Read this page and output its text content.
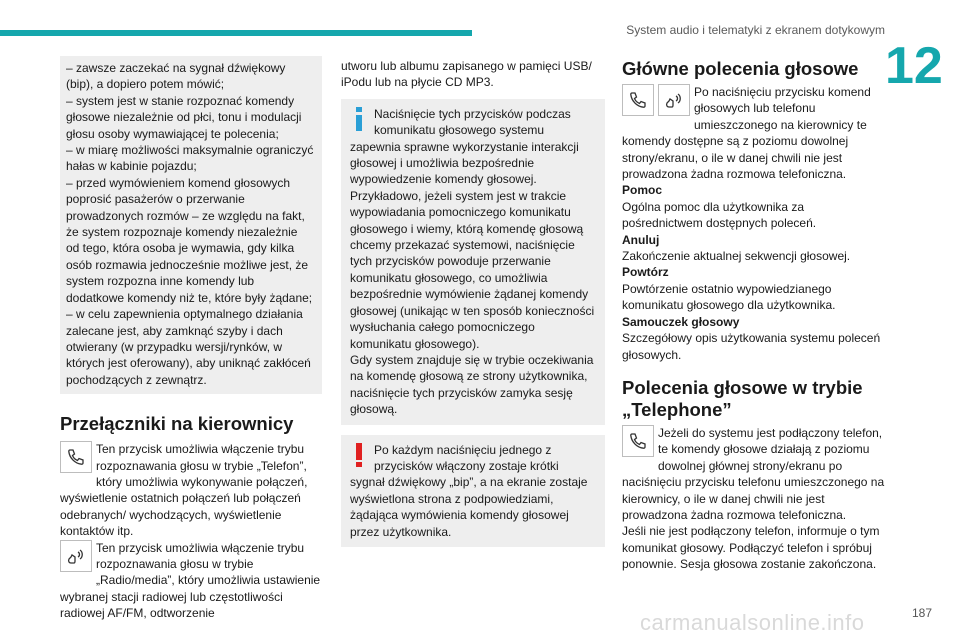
System audio i telematyki z ekranem dotykowym
12

– zawsze zaczekać na sygnał dźwiękowy (bip), a dopiero potem mówić;

– system jest w stanie rozpoznać komendy głosowe niezależnie od płci, tonu i modulacji głosu osoby wymawiającej te polecenia;

– w miarę możliwości maksymalnie ograniczyć hałas w kabinie pojazdu;

– przed wymówieniem komend głosowych poprosić pasażerów o przerwanie prowadzonych rozmów – ze względu na fakt, że system rozpoznaje komendy niezależnie od tego, która osoba je wymawia, gdy kilka osób rozmawia jednocześnie możliwe jest, że system rozpozna inne komendy lub dodatkowe komendy niż te, które były żądane;

– w celu zapewnienia optymalnego działania zalecane jest, aby zamknąć szyby i dach otwierany (w przypadku wersji/rynków, w których jest oferowany), aby uniknąć zakłóceń pochodzących z zewnątrz.

Przełączniki na kierownicy

Ten przycisk umożliwia włączenie trybu rozpoznawania głosu w trybie „Telefon”, który umożliwia wykonywanie połączeń, wyświetlenie ostatnich połączeń lub połączeń odebranych/ wychodzących, wyświetlenie kontaktów itp.

Ten przycisk umożliwia włączenie trybu rozpoznawania głosu w trybie „Radio/media”, który umożliwia ustawienie wybranej stacji radiowej lub częstotliwości radiowej AF/FM, odtworzenie

utworu lub albumu zapisanego w pamięci USB/ iPodu lub na płycie CD MP3.

Naciśnięcie tych przycisków podczas komunikatu głosowego systemu zapewnia sprawne wykorzystanie interakcji głosowej i umożliwia bezpośrednie wypowiedzenie komendy głosowej.

Przykładowo, jeżeli system jest w trakcie wypowiadania pomocniczego komunikatu głosowego i wiemy, którą komendę głosową chcemy przekazać systemowi, naciśnięcie tych przycisków powoduje przerwanie komunikatu głosowego, co umożliwia bezpośrednie wymówienie żądanej komendy głosowej (unikając w ten sposób konieczności wysłuchania całego pomocniczego komunikatu głosowego).

Gdy system znajduje się w trybie oczekiwania na komendę głosową ze strony użytkownika, naciśnięcie tych przycisków zamyka sesję głosową.

Po każdym naciśnięciu jednego z przycisków włączony zostaje krótki sygnał dźwiękowy „bip”, a na ekranie zostaje wyświetlona strona z podpowiedziami, żądająca wymówienia komendy głosowej przez użytkownika.

Główne polecenia głosowe

Po naciśnięciu przycisku komend głosowych lub telefonu umieszczonego na kierownicy te komendy dostępne są z poziomu dowolnej strony/ekranu, o ile w danej chwili nie jest prowadzona żadna rozmowa telefoniczna.

Pomoc

Ogólna pomoc dla użytkownika za pośrednictwem dostępnych poleceń.

Anuluj

Zakończenie aktualnej sekwencji głosowej.

Powtórz

Powtórzenie ostatnio wypowiedzianego komunikatu głosowego dla użytkownika.

Samouczek głosowy

Szczegółowy opis użytkowania systemu poleceń głosowych.

Polecenia głosowe w trybie „Telephone”

Jeżeli do systemu jest podłączony telefon, te komendy głosowe działają z poziomu dowolnej głównej strony/ekranu po naciśnięciu przycisku telefonu umieszczonego na kierownicy, o ile w danej chwili nie jest prowadzona żadna rozmowa telefoniczna.

Jeśli nie jest podłączony telefon, informuje o tym komunikat głosowy. Podłączyć telefon i spróbuj ponownie. Sesja głosowa zostanie zakończona.

carmanualsonline.info	187
